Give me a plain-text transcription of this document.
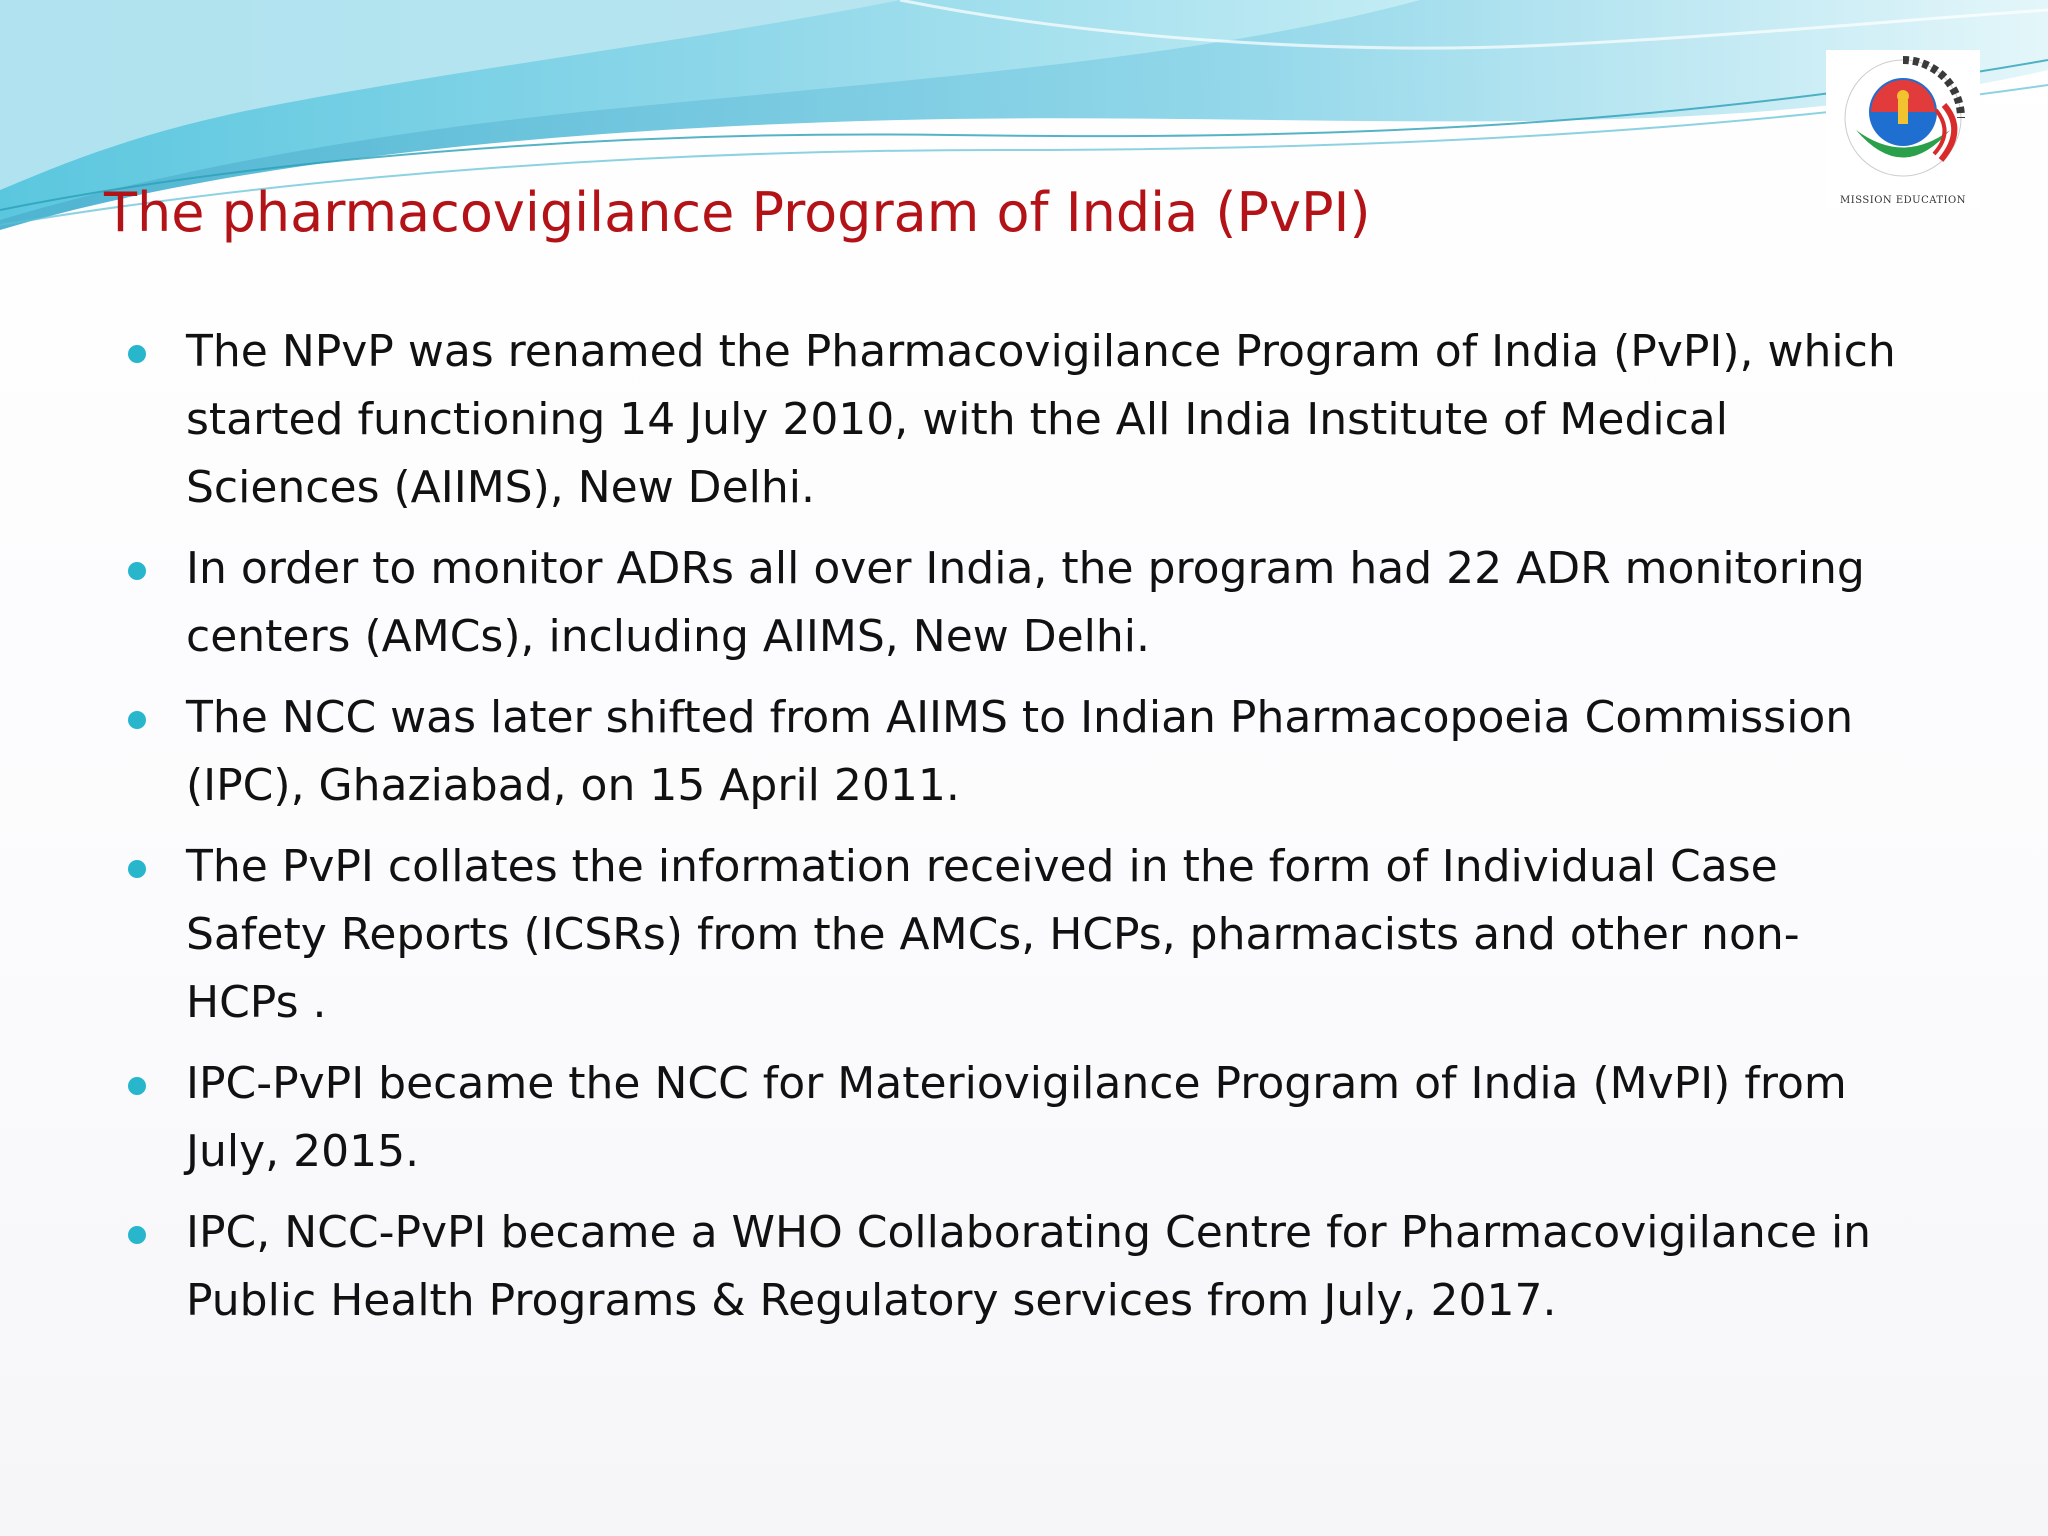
MISSION EDUCATION
The pharmacovigilance Program of India (PvPI)
The NPvP was renamed the Pharmacovigilance Program of India (PvPI), which started functioning 14 July 2010, with the All India Institute of Medical Sciences (AIIMS), New Delhi.
In order to monitor ADRs all over India, the program had 22 ADR monitoring centers (AMCs), including AIIMS, New Delhi.
The NCC was later shifted from AIIMS to Indian Pharmacopoeia Commission (IPC), Ghaziabad, on 15 April 2011.
The PvPI collates the information received in the form of Individual Case Safety Reports (ICSRs) from the AMCs, HCPs, pharmacists and other non-HCPs .
IPC-PvPI became the NCC for Materiovigilance Program of India (MvPI) from July, 2015.
IPC, NCC-PvPI became a WHO Collaborating Centre for Pharmacovigilance in Public Health Programs & Regulatory services from July, 2017.
